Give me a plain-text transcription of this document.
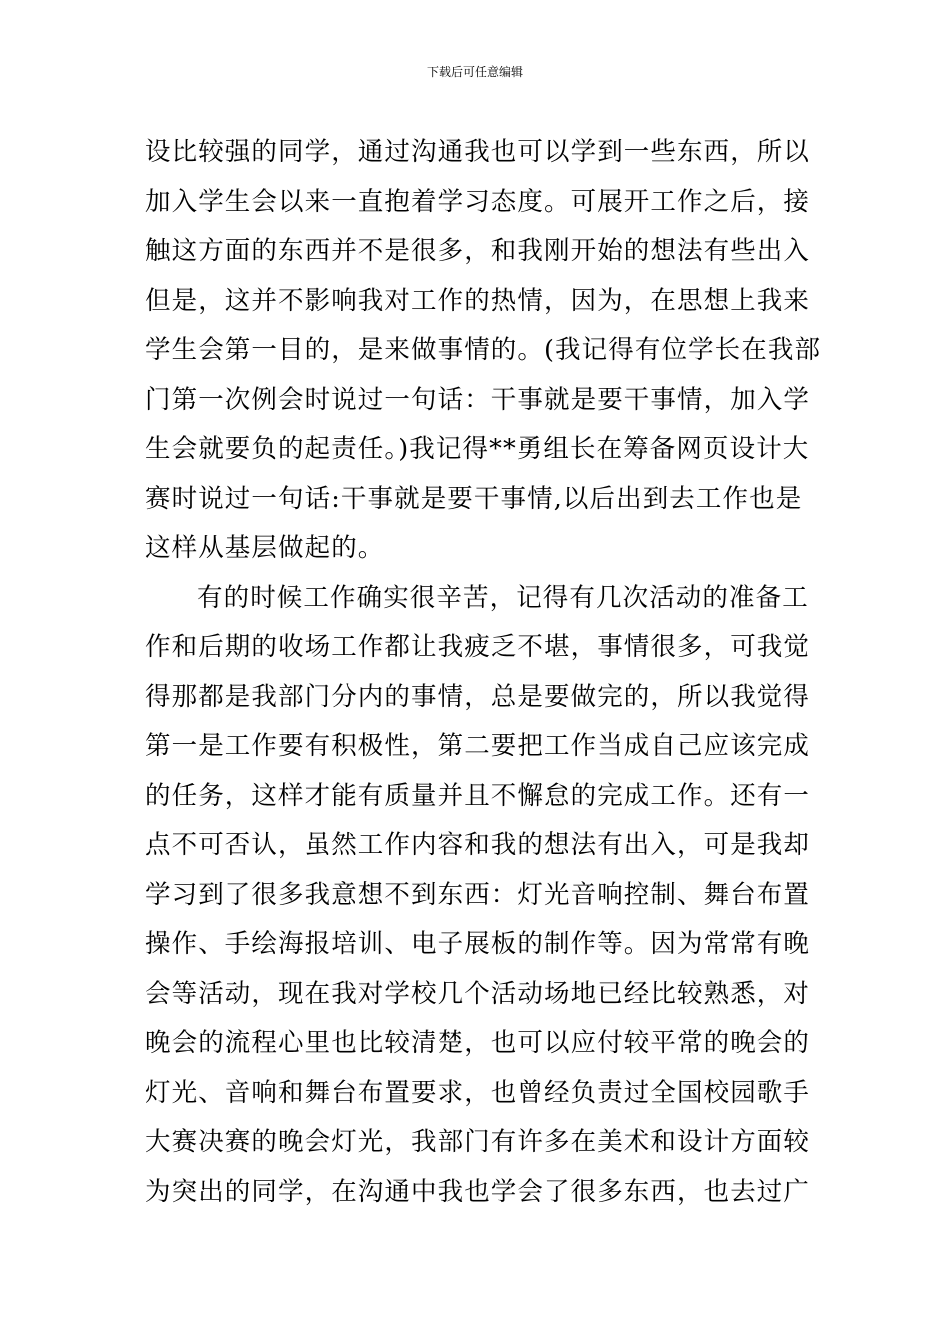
下载后可任意编辑
设比较强的同学，通过沟通我也可以学到一些东西，所以
加入学生会以来一直抱着学习态度。可展开工作之后，接
触这方面的东西并不是很多，和我刚开始的想法有些出入
但是，这并不影响我对工作的热情，因为，在思想上我来
学生会第一目的，是来做事情的。(我记得有位学长在我部
门第一次例会时说过一句话：干事就是要干事情，加入学
生会就要负的起责任。)我记得**勇组长在筹备网页设计大
赛时说过一句话:干事就是要干事情,以后出到去工作也是
这样从基层做起的。
有的时候工作确实很辛苦，记得有几次活动的准备工
作和后期的收场工作都让我疲乏不堪，事情很多，可我觉
得那都是我部门分内的事情，总是要做完的，所以我觉得
第一是工作要有积极性，第二要把工作当成自己应该完成
的任务，这样才能有质量并且不懈怠的完成工作。还有一
点不可否认，虽然工作内容和我的想法有出入，可是我却
学习到了很多我意想不到东西：灯光音响控制、舞台布置
操作、手绘海报培训、电子展板的制作等。因为常常有晚
会等活动，现在我对学校几个活动场地已经比较熟悉，对
晚会的流程心里也比较清楚，也可以应付较平常的晚会的
灯光、音响和舞台布置要求，也曾经负责过全国校园歌手
大赛决赛的晚会灯光，我部门有许多在美术和设计方面较
为突出的同学，在沟通中我也学会了很多东西，也去过广
